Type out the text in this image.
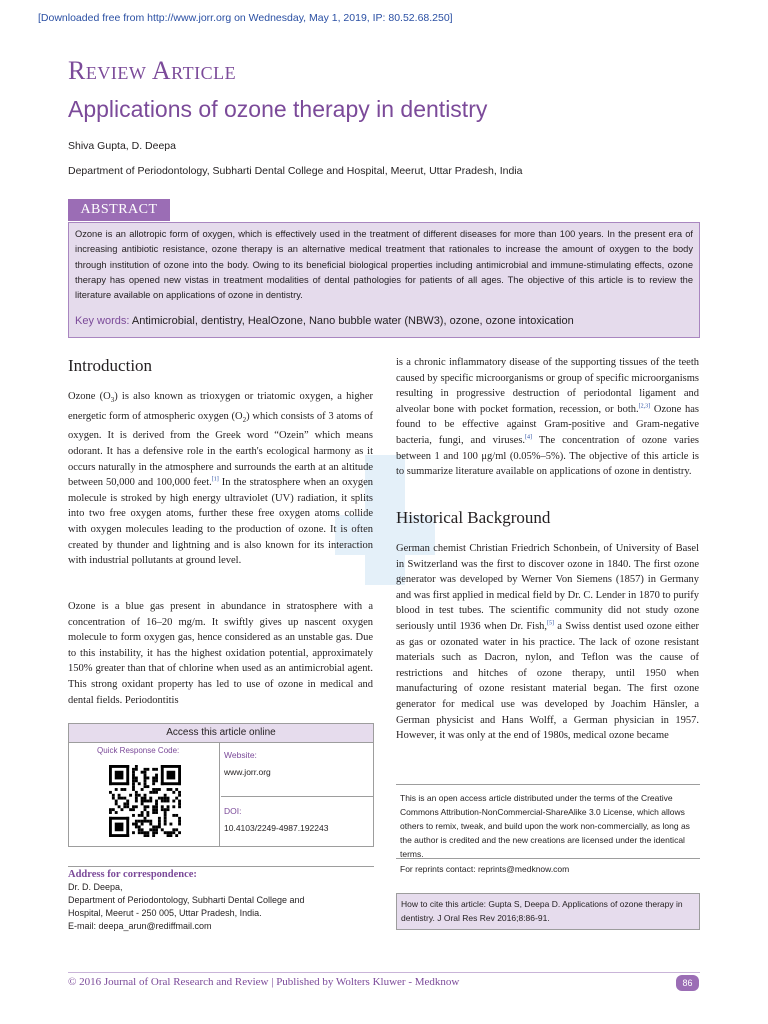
[Downloaded free from http://www.jorr.org on Wednesday, May 1, 2019, IP: 80.52.68.250]
Review Article
Applications of ozone therapy in dentistry
Shiva Gupta, D. Deepa
Department of Periodontology, Subharti Dental College and Hospital, Meerut, Uttar Pradesh, India
ABSTRACT
Ozone is an allotropic form of oxygen, which is effectively used in the treatment of different diseases for more than 100 years. In the present era of increasing antibiotic resistance, ozone therapy is an alternative medical treatment that rationales to increase the amount of oxygen to the body through institution of ozone into the body. Owing to its beneficial biological properties including antimicrobial and immune-stimulating effects, ozone therapy has opened new vistas in treatment modalities of dental pathologies for patients of all ages. The objective of this article is to review the literature available on applications of ozone in dentistry.
Key words: Antimicrobial, dentistry, HealOzone, Nano bubble water (NBW3), ozone, ozone intoxication
Introduction
Ozone $(O_3)$ is also known as trioxygen or triatomic oxygen, a higher energetic form of atmospheric oxygen $(O_2)$ which consists of 3 atoms of oxygen. It is derived from the Greek word “Ozein” which means odorant. It has a defensive role in the earth's ecological harmony as it occurs naturally in the atmosphere and surrounds the earth at an altitude between 50,000 and 100,000 feet.[1] In the stratosphere when an oxygen molecule is stroked by high energy ultraviolet (UV) radiation, it splits into two free oxygen atoms, further these free oxygen atoms collide with oxygen molecules leading to the production of ozone. It is often created by thunder and lightning and is also known for its interaction with industrial pollutants at ground level.
Ozone is a blue gas present in abundance in stratosphere with a concentration of 16–20 mg/m. It swiftly gives up nascent oxygen molecule to form oxygen gas, hence considered as an unstable gas. Due to this instability, it has the highest oxidation potential, approximately 150% greater than that of chlorine when used as an antimicrobial agent. This strong oxidant property has led to use of ozone in medical and dental fields. Periodontitis
is a chronic inflammatory disease of the supporting tissues of the teeth caused by specific microorganisms or group of specific microorganisms resulting in progressive destruction of periodontal ligament and alveolar bone with pocket formation, recession, or both.[2,3] Ozone has found to be effective against Gram-positive and Gram-negative bacteria, fungi, and viruses.[4] The concentration of ozone varies between 1 and 100 μg/ml (0.05%–5%). The objective of this article is to summarize literature available on applications of ozone in dentistry.
Historical Background
German chemist Christian Friedrich Schonbein, of University of Basel in Switzerland was the first to discover ozone in 1840. The first ozone generator was developed by Werner Von Siemens (1857) in Germany and was first applied in medical field by Dr. C. Lender in 1870 to purify blood in test tubes. The scientific community did not study ozone seriously until 1936 when Dr. Fish,[5] a Swiss dentist used ozone either as gas or ozonated water in his practice. The lack of ozone resistant materials such as Dacron, nylon, and Teflon was the cause of restrictions and hitches of ozone therapy, until 1950 when manufacturing of ozone resistant material began. The first ozone generator for medical use was developed by Joachim Hänsler, a German physicist and Hans Wolff, a German physician in 1957. However, it was only at the end of 1980s, medical ozone became
Access this article online
Quick Response Code:	Website:
www.jorr.org
DOI:
10.4103/2249-4987.192243
Address for correspondence:
Dr. D. Deepa,
Department of Periodontology, Subharti Dental College and
Hospital, Meerut - 250 005, Uttar Pradesh, India.
E-mail: deepa_arun@rediffmail.com
This is an open access article distributed under the terms of the Creative Commons Attribution-NonCommercial-ShareAlike 3.0 License, which allows others to remix, tweak, and build upon the work non-commercially, as long as the author is credited and the new creations are licensed under the identical terms.
For reprints contact: reprints@medknow.com
How to cite this article: Gupta S, Deepa D. Applications of ozone therapy in dentistry. J Oral Res Rev 2016;8:86-91.
© 2016 Journal of Oral Research and Review | Published by Wolters Kluwer - Medknow	86
